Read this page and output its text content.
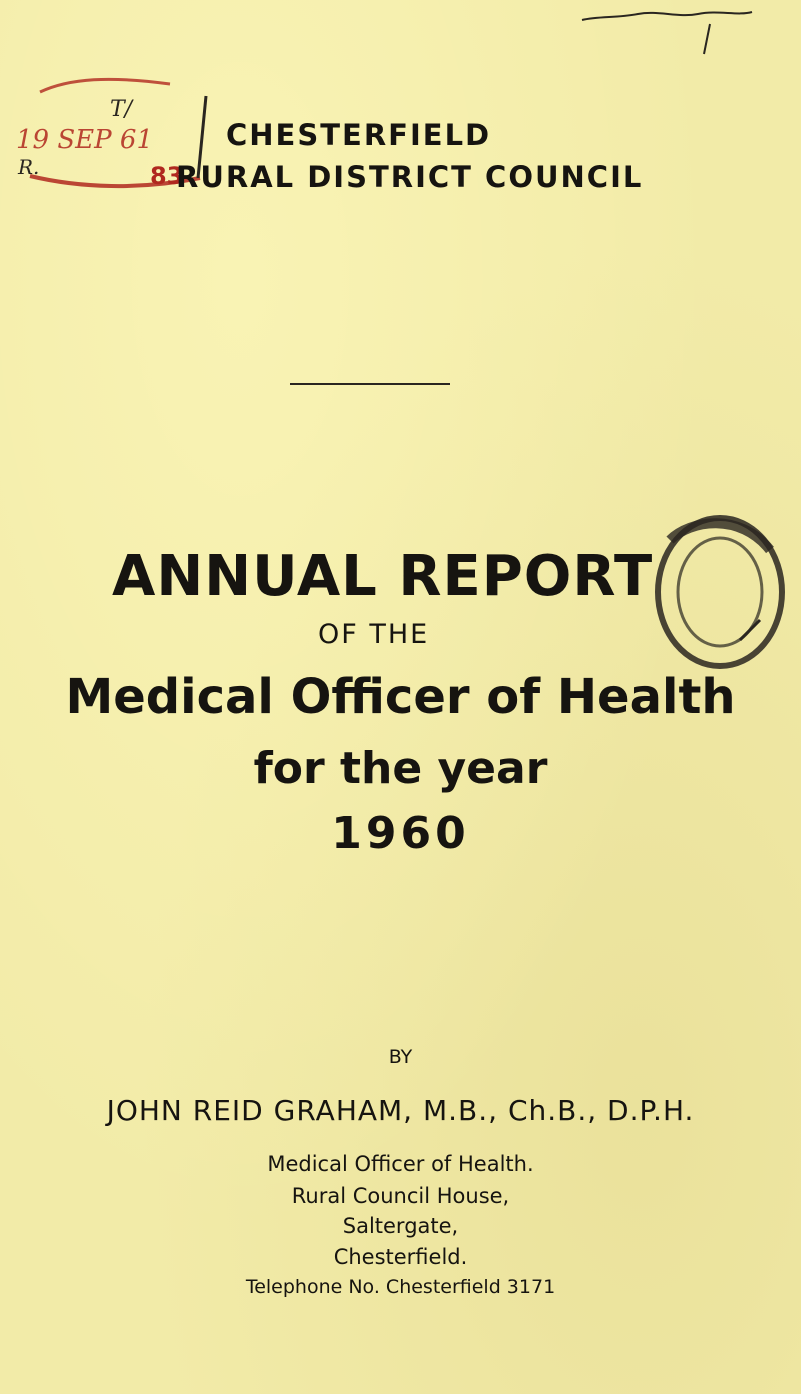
T/
19 SEP 61
R.	83
CHESTERFIELD
RURAL DISTRICT COUNCIL
ANNUAL REPORT
OF THE
Medical Officer of Health
for the year
1960
BY
JOHN REID GRAHAM, M.B., Ch.B., D.P.H.
Medical Officer of Health.
Rural Council House,
Saltergate,
Chesterfield.
Telephone No. Chesterfield 3171
